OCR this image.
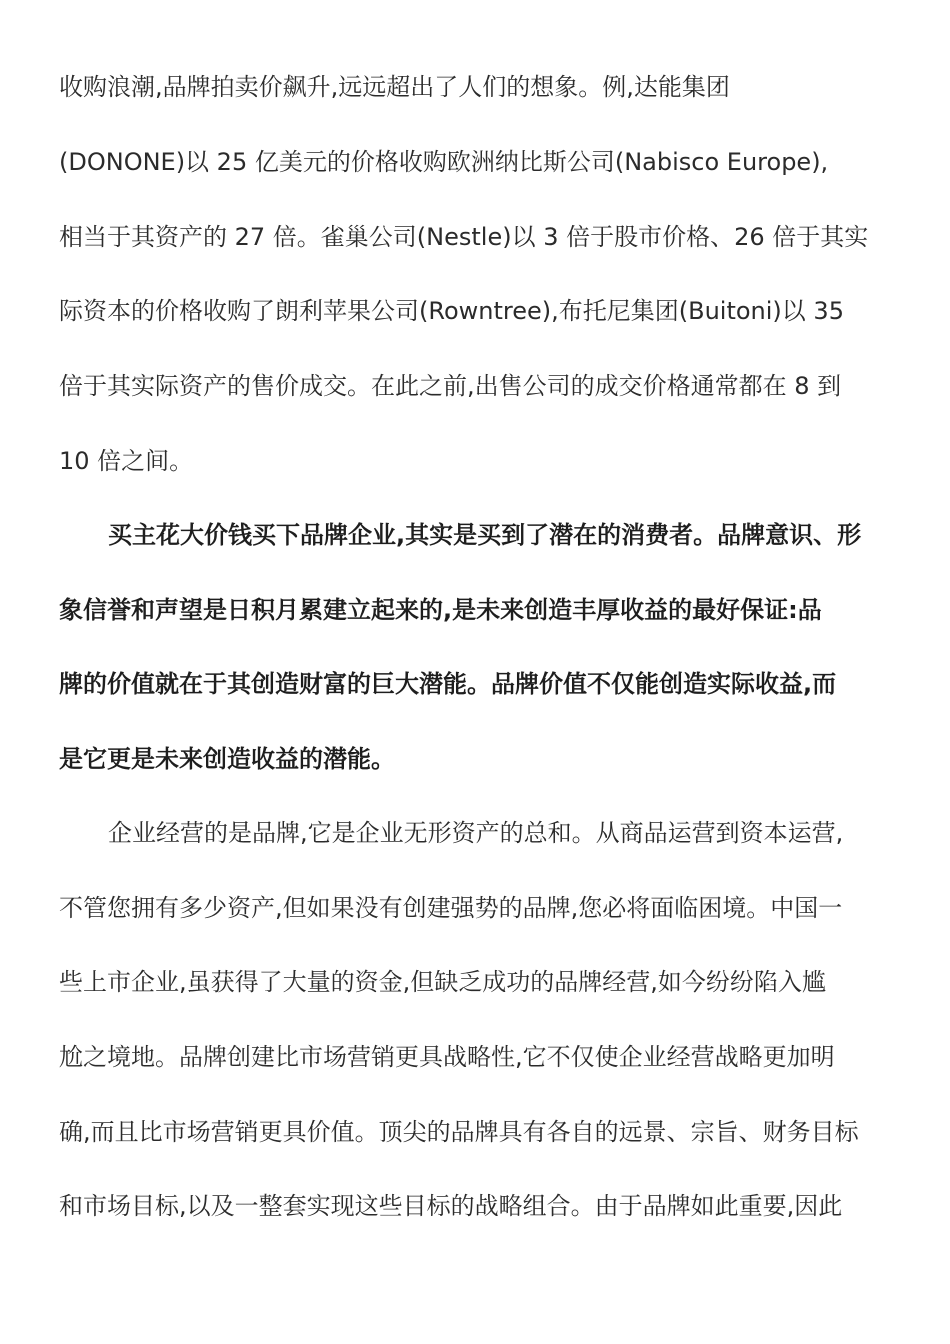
收购浪潮,品牌拍卖价飙升,远远超出了人们的想象。例,达能集团
(DONONE)以 25 亿美元的价格收购欧洲纳比斯公司(Nabisco Europe),
相当于其资产的 27 倍。雀巢公司(Nestle)以 3 倍于股市价格、26 倍于其实
际资本的价格收购了朗利苹果公司(Rowntree),布托尼集团(Buitoni)以 35
倍于其实际资产的售价成交。在此之前,出售公司的成交价格通常都在 8 到
10 倍之间。
买主花大价钱买下品牌企业,其实是买到了潜在的消费者。品牌意识、形
象信誉和声望是日积月累建立起来的,是未来创造丰厚收益的最好保证:品
牌的价值就在于其创造财富的巨大潜能。品牌价值不仅能创造实际收益,而
是它更是未来创造收益的潜能。
企业经营的是品牌,它是企业无形资产的总和。从商品运营到资本运营,
不管您拥有多少资产,但如果没有创建强势的品牌,您必将面临困境。中国一
些上市企业,虽获得了大量的资金,但缺乏成功的品牌经营,如今纷纷陷入尴
尬之境地。品牌创建比市场营销更具战略性,它不仅使企业经营战略更加明
确,而且比市场营销更具价值。顶尖的品牌具有各自的远景、宗旨、财务目标
和市场目标,以及一整套实现这些目标的战略组合。由于品牌如此重要,因此
